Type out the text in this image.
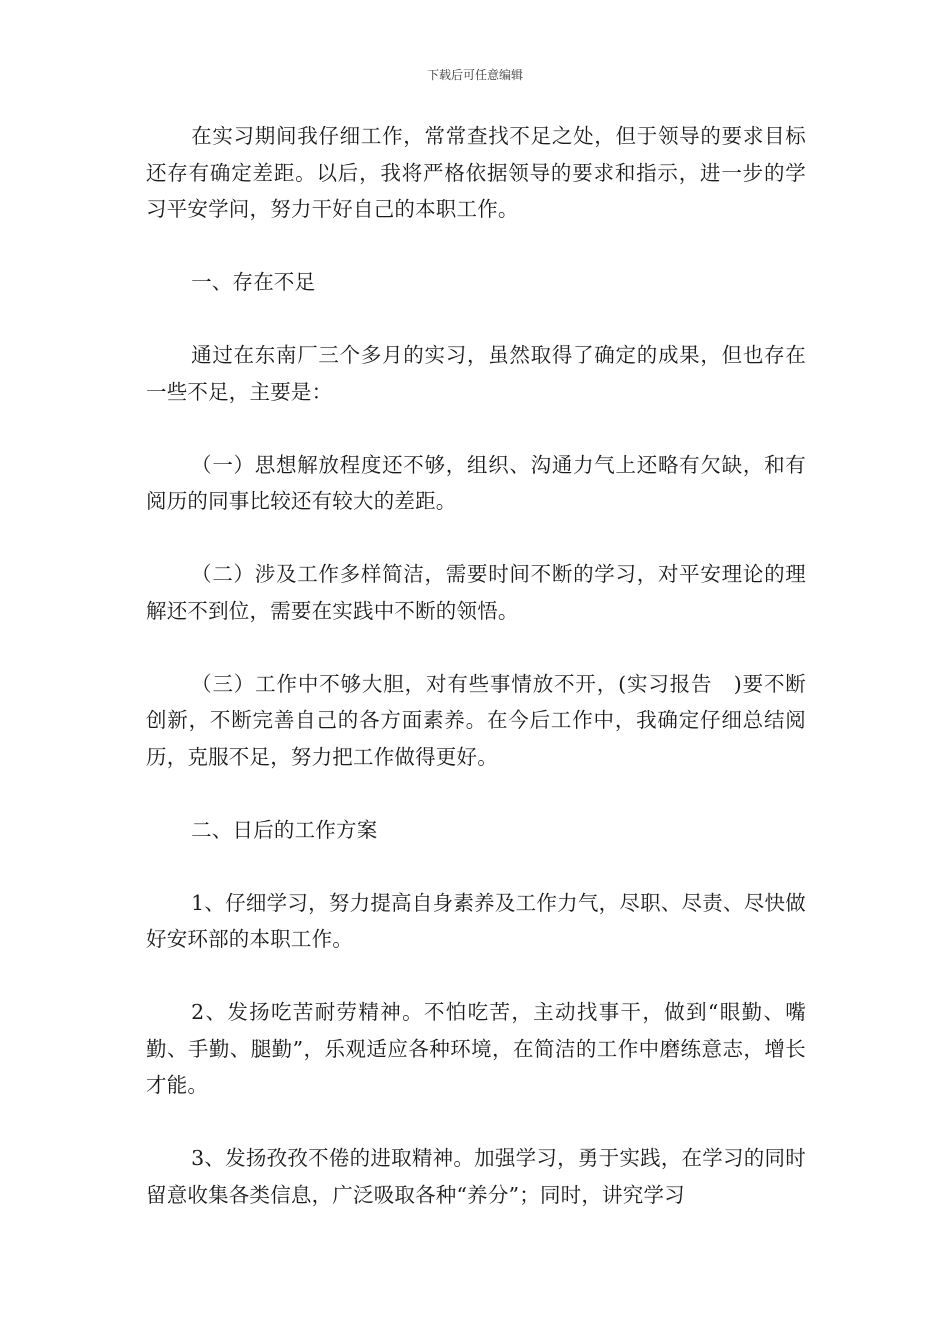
下载后可任意编辑

在实习期间我仔细工作，常常查找不足之处，但于领导的要求目标还存有确定差距。以后，我将严格依据领导的要求和指示，进一步的学习平安学问，努力干好自己的本职工作。

一、存在不足

通过在东南厂三个多月的实习，虽然取得了确定的成果，但也存在一些不足，主要是：

（一）思想解放程度还不够，组织、沟通力气上还略有欠缺，和有阅历的同事比较还有较大的差距。

（二）涉及工作多样简洁，需要时间不断的学习，对平安理论的理解还不到位，需要在实践中不断的领悟。

（三）工作中不够大胆，对有些事情放不开，(实习报告　)要不断创新，不断完善自己的各方面素养。在今后工作中，我确定仔细总结阅历，克服不足，努力把工作做得更好。

二、日后的工作方案

1、仔细学习，努力提高自身素养及工作力气，尽职、尽责、尽快做好安环部的本职工作。

2、发扬吃苦耐劳精神。不怕吃苦，主动找事干，做到“眼勤、嘴勤、手勤、腿勤”，乐观适应各种环境，在简洁的工作中磨练意志，增长才能。

3、发扬孜孜不倦的进取精神。加强学习，勇于实践，在学习的同时留意收集各类信息，广泛吸取各种“养分”；同时，讲究学习
